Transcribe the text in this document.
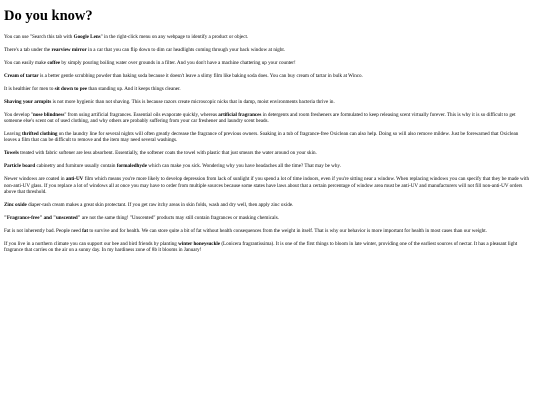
Do you know?

You can use "Search this tab with Google Lens" in the right-click menu on any webpage to identify a product or object.

There's a tab under the rearview mirror in a car that you can flip down to dim car headlights coming through your back window at night.

You can easily make coffee by simply pouring boiling water over grounds in a filter. And you don't have a machine chattering up your counter!

Cream of tartar is a better gentle scrubbing powder than baking soda because it doesn't leave a slimy film like baking soda does. You can buy cream of tartar in bulk at Winco.

It is healthier for men to sit down to pee than standing up. And it keeps things cleaner.

Shaving your armpits is not more hygienic than not shaving. This is because razors create microscopic nicks that in damp, moist environments bacteria thrive in.

You develop "nose blindness" from using artificial fragrances. Essential oils evaporate quickly, whereas artificial fragrances in detergents and room fresheners are formulated to keep releasing scent virtually forever. This is why it is so difficult to get someone else's scent out of used clothing, and why others are probably suffering from your car freshener and laundry scent beads.

Leaving thrifted clothing on the laundry line for several nights will often greatly decrease the fragrance of previous owners. Soaking in a tub of fragrance-free Oxiclean can also help. Doing so will also remove mildew. Just be forewarned that Oxiclean leaves a film that can be difficult to remove and the item may need several washings.

Towels treated with fabric softener are less absorbent. Essentially, the softener coats the towel with plastic that just smears the water around on your skin.

Particle board cabinetry and furniture usually contain formaledhyde which can make you sick. Wondering why you have headaches all the time? That may be why.

Newer windows are coated in anti-UV film which means you're more likely to develop depression from lack of sunlight if you spend a lot of time indoors, even if you're sitting near a window. When replacing windows you can specify that they be made with non-anti-UV glass. If you replace a lot of windows all at once you may have to order from multiple sources because some states have laws about that a certain percentage of window area must be anti-UV and manufacturers will not fill non-anti-UV orders above that threshold.

Zinc oxide diaper-rash cream makes a great skin protectant. If you get raw itchy areas in skin folds, wash and dry well, then apply zinc oxide.

"Fragrance-free" and "unscented" are not the same thing! "Unscented" products may still contain fragrances or masking chemicals.

Fat is not inherently bad. People need fat to survive and for health. We can store quite a bit of fat without health consequences from the weight in itself. That is why our behavior is more important for health in most cases than our weight.

If you live in a northern climate you can support our bee and bird friends by planting winter honeysuckle (Lonicera fragrantissima). It is one of the first things to bloom in late winter, providing one of the earliest sources of nectar. It has a pleasant light fragrance that carries on the air on a sunny day. In my hardiness zone of 8b it blooms in January!
